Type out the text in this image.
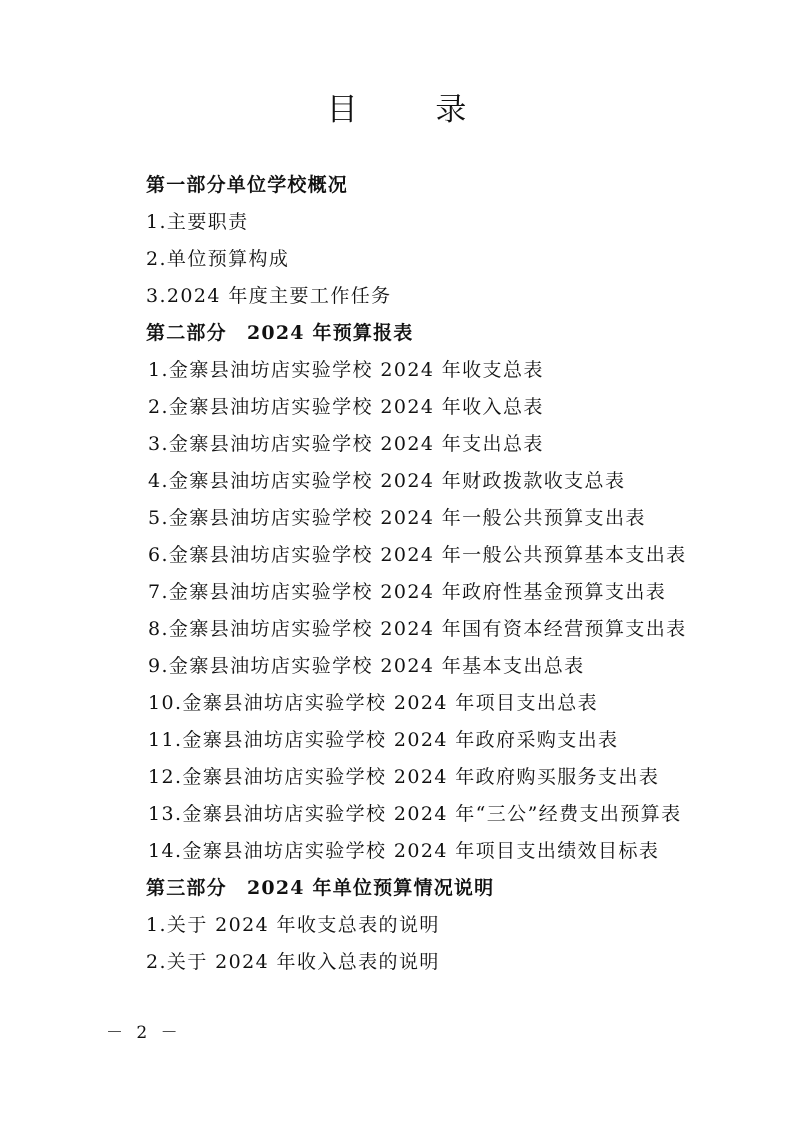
目 录
第一部分单位学校概况
1.主要职责
2.单位预算构成
3.2024 年度主要工作任务
第二部分　2024 年预算报表
1.金寨县油坊店实验学校 2024 年收支总表
2.金寨县油坊店实验学校 2024 年收入总表
3.金寨县油坊店实验学校 2024 年支出总表
4.金寨县油坊店实验学校 2024 年财政拨款收支总表
5.金寨县油坊店实验学校 2024 年一般公共预算支出表
6.金寨县油坊店实验学校 2024 年一般公共预算基本支出表
7.金寨县油坊店实验学校 2024 年政府性基金预算支出表
8.金寨县油坊店实验学校 2024 年国有资本经营预算支出表
9.金寨县油坊店实验学校 2024 年基本支出总表
10.金寨县油坊店实验学校 2024 年项目支出总表
11.金寨县油坊店实验学校 2024 年政府采购支出表
12.金寨县油坊店实验学校 2024 年政府购买服务支出表
13.金寨县油坊店实验学校 2024 年“三公”经费支出预算表
14.金寨县油坊店实验学校 2024 年项目支出绩效目标表
第三部分　2024 年单位预算情况说明
1.关于 2024 年收支总表的说明
2.关于 2024 年收入总表的说明
－ 2 －
